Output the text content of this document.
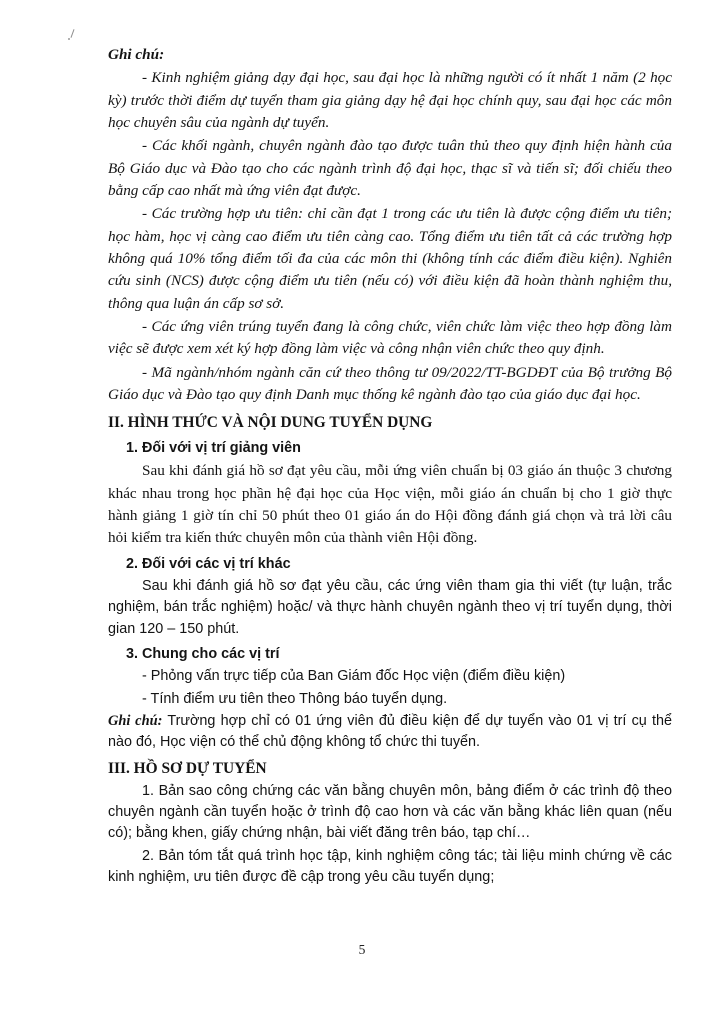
Ghi chú:

- Kinh nghiệm giảng dạy đại học, sau đại học là những người có ít nhất 1 năm (2 học kỳ) trước thời điểm dự tuyển tham gia giảng dạy hệ đại học chính quy, sau đại học các môn học chuyên sâu của ngành dự tuyển.

- Các khối ngành, chuyên ngành đào tạo được tuân thủ theo quy định hiện hành của Bộ Giáo dục và Đào tạo cho các ngành trình độ đại học, thạc sĩ và tiến sĩ; đối chiếu theo bằng cấp cao nhất mà ứng viên đạt được.

- Các trường hợp ưu tiên: chỉ cần đạt 1 trong các ưu tiên là được cộng điểm ưu tiên; học hàm, học vị càng cao điểm ưu tiên càng cao. Tổng điểm ưu tiên tất cả các trường hợp không quá 10% tổng điểm tối đa của các môn thi (không tính các điểm điều kiện). Nghiên cứu sinh (NCS) được cộng điểm ưu tiên (nếu có) với điều kiện đã hoàn thành nghiệm thu, thông qua luận án cấp sơ sở.

- Các ứng viên trúng tuyển đang là công chức, viên chức làm việc theo hợp đồng làm việc sẽ được xem xét ký hợp đồng làm việc và công nhận viên chức theo quy định.

- Mã ngành/nhóm ngành căn cứ theo thông tư 09/2022/TT-BGDĐT của Bộ trưởng Bộ Giáo dục và Đào tạo quy định Danh mục thống kê ngành đào tạo của giáo dục đại học.

II. HÌNH THỨC VÀ NỘI DUNG TUYỂN DỤNG

1. Đối với vị trí giảng viên

Sau khi đánh giá hồ sơ đạt yêu cầu, mỗi ứng viên chuẩn bị 03 giáo án thuộc 3 chương khác nhau trong học phần hệ đại học của Học viện, mỗi giáo án chuẩn bị cho 1 giờ thực hành giảng 1 giờ tín chỉ 50 phút theo 01 giáo án do Hội đồng đánh giá chọn và trả lời câu hỏi kiểm tra kiến thức chuyên môn của thành viên Hội đồng.

2. Đối với các vị trí khác

Sau khi đánh giá hồ sơ đạt yêu cầu, các ứng viên tham gia thi viết (tự luận, trắc nghiệm, bán trắc nghiệm) hoặc/ và thực hành chuyên ngành theo vị trí tuyển dụng, thời gian 120 – 150 phút.

3. Chung cho các vị trí

- Phỏng vấn trực tiếp của Ban Giám đốc Học viện (điểm điều kiện)

- Tính điểm ưu tiên theo Thông báo tuyển dụng.

Ghi chú: Trường hợp chỉ có 01 ứng viên đủ điều kiện để dự tuyển vào 01 vị trí cụ thể nào đó, Học viện có thể chủ động không tổ chức thi tuyển.

III. HỒ SƠ DỰ TUYỂN

1. Bản sao công chứng các văn bằng chuyên môn, bảng điểm ở các trình độ theo chuyên ngành cần tuyển hoặc ở trình độ cao hơn và các văn bằng khác liên quan (nếu có); bằng khen, giấy chứng nhận, bài viết đăng trên báo, tạp chí…

2. Bản tóm tắt quá trình học tập, kinh nghiệm công tác; tài liệu minh chứng về các kinh nghiệm, ưu tiên được đề cập trong yêu cầu tuyển dụng;

5
